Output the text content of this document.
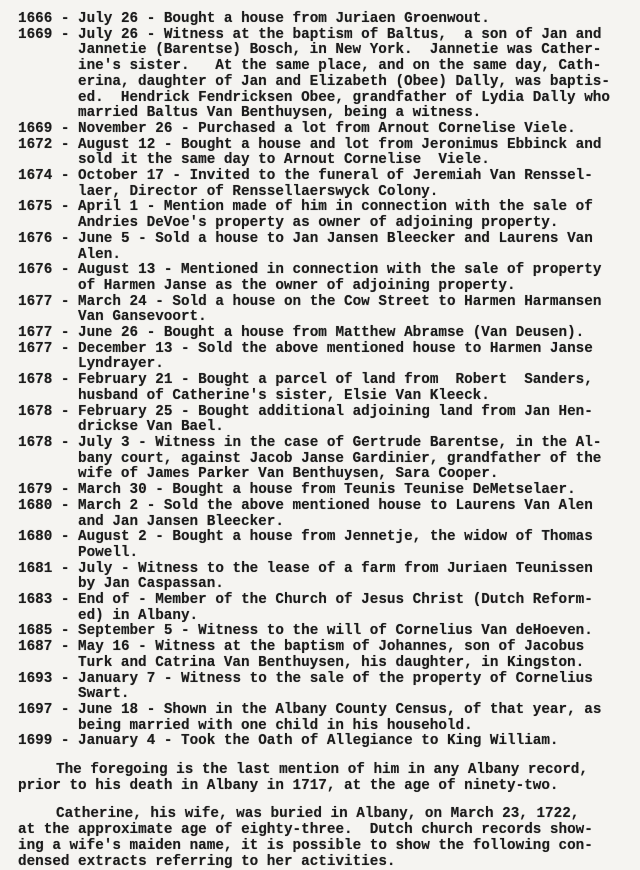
1666 - July 26 - Bought a house from Juriaen Groenwout.
1669 - July 26 - Witness at the baptism of Baltus,  a son of Jan and
Jannetie (Barentse) Bosch, in New York.  Jannetie was Cather-
ine's sister.   At the same place, and on the same day, Cath-
erina, daughter of Jan and Elizabeth (Obee) Dally, was baptis-
ed.  Hendrick Fendricksen Obee, grandfather of Lydia Dally who
married Baltus Van Benthuysen, being a witness.
1669 - November 26 - Purchased a lot from Arnout Cornelise Viele.
1672 - August 12 - Bought a house and lot from Jeronimus Ebbinck and
sold it the same day to Arnout Cornelise  Viele.
1674 - October 17 - Invited to the funeral of Jeremiah Van Renssel-
laer, Director of Renssellaerswyck Colony.
1675 - April 1 - Mention made of him in connection with the sale of
Andries DeVoe's property as owner of adjoining property.
1676 - June 5 - Sold a house to Jan Jansen Bleecker and Laurens Van
Alen.
1676 - August 13 - Mentioned in connection with the sale of property
of Harmen Janse as the owner of adjoining property.
1677 - March 24 - Sold a house on the Cow Street to Harmen Harmansen
Van Gansevoort.
1677 - June 26 - Bought a house from Matthew Abramse (Van Deusen).
1677 - December 13 - Sold the above mentioned house to Harmen Janse
Lyndrayer.
1678 - February 21 - Bought a parcel of land from  Robert  Sanders,
husband of Catherine's sister, Elsie Van Kleeck.
1678 - February 25 - Bought additional adjoining land from Jan Hen-
drickse Van Bael.
1678 - July 3 - Witness in the case of Gertrude Barentse, in the Al-
bany court, against Jacob Janse Gardinier, grandfather of the
wife of James Parker Van Benthuysen, Sara Cooper.
1679 - March 30 - Bought a house from Teunis Teunise DeMetselaer.
1680 - March 2 - Sold the above mentioned house to Laurens Van Alen
and Jan Jansen Bleecker.
1680 - August 2 - Bought a house from Jennetje, the widow of Thomas
Powell.
1681 - July - Witness to the lease of a farm from Juriaen Teunissen
by Jan Caspassan.
1683 - End of - Member of the Church of Jesus Christ (Dutch Reform-
ed) in Albany.
1685 - September 5 - Witness to the will of Cornelius Van deHoeven.
1687 - May 16 - Witness at the baptism of Johannes, son of Jacobus
Turk and Catrina Van Benthuysen, his daughter, in Kingston.
1693 - January 7 - Witness to the sale of the property of Cornelius
Swart.
1697 - June 18 - Shown in the Albany County Census, of that year, as
being married with one child in his household.
1699 - January 4 - Took the Oath of Allegiance to King William.
The foregoing is the last mention of him in any Albany record,
prior to his death in Albany in 1717, at the age of ninety-two.
Catherine, his wife, was buried in Albany, on March 23, 1722,
at the approximate age of eighty-three.  Dutch church records show-
ing a wife's maiden name, it is possible to show the following con-
densed extracts referring to her activities.
